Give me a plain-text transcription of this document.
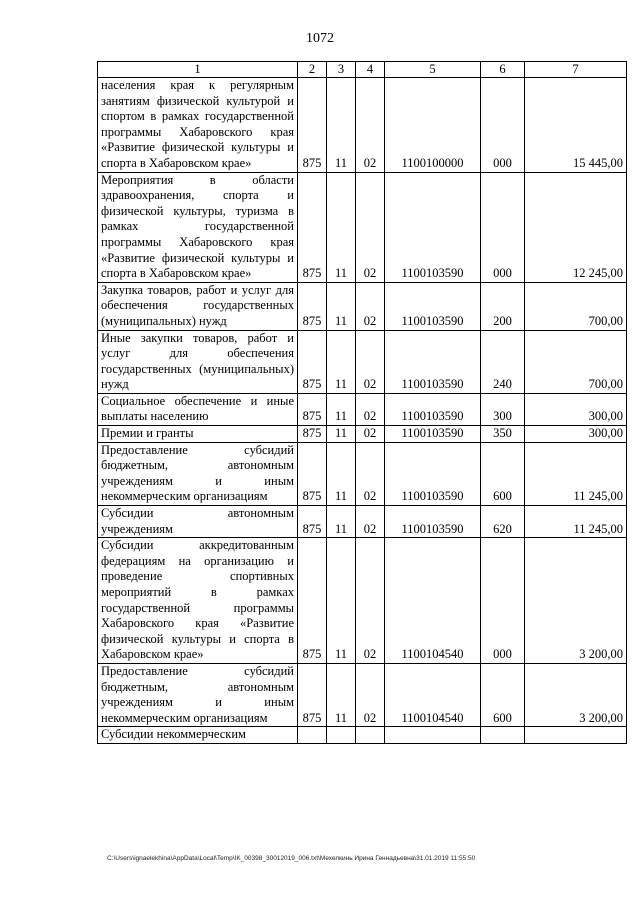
1072
1	2	3	4	5	6	7
населения края к регулярным занятиям физической культурой и спортом в рамках государственной программы Хабаровского края «Развитие физической культуры и спорта в Хабаровском крае»	875	11	02	1100100000	000	15 445,00
Мероприятия в области здравоохранения, спорта и физической культуры, туризма в рамках государственной программы Хабаровского края «Развитие физической культуры и спорта в Хабаровском крае»	875	11	02	1100103590	000	12 245,00
Закупка товаров, работ и услуг для обеспечения государственных (муниципальных) нужд	875	11	02	1100103590	200	700,00
Иные закупки товаров, работ и услуг для обеспечения государственных (муниципальных) нужд	875	11	02	1100103590	240	700,00
Социальное обеспечение и иные выплаты населению	875	11	02	1100103590	300	300,00
Премии и гранты	875	11	02	1100103590	350	300,00
Предоставление субсидий бюджетным, автономным учреждениям и иным некоммерческим организациям	875	11	02	1100103590	600	11 245,00
Субсидии автономным учреждениям	875	11	02	1100103590	620	11 245,00
Субсидии аккредитованным федерациям на организацию и проведение спортивных мероприятий в рамках государственной программы Хабаровского края «Развитие физической культуры и спорта в Хабаровском крае»	875	11	02	1100104540	000	3 200,00
Предоставление субсидий бюджетным, автономным учреждениям и иным некоммерческим организациям	875	11	02	1100104540	600	3 200,00
Субсидии некоммерческим						
C:\Users\ignaelekhina\AppData\Local\Temp\IK_00398_30012019_006.txt\Мехелкинь Ирина Геннадьевна\31.01.2019 11:55:50
